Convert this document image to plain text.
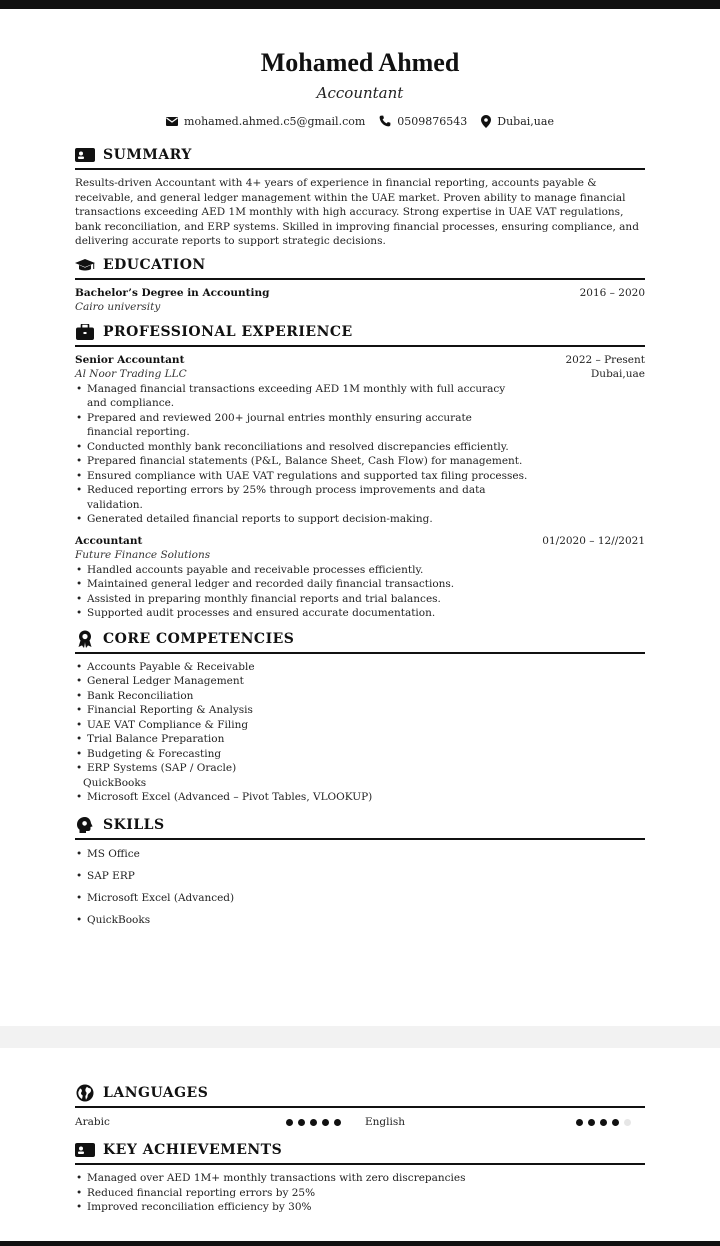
Mohamed Ahmed
Accountant
mohamed.ahmed.c5@gmail.com	0509876543	Dubai,uae
SUMMARY
Results-driven Accountant with 4+ years of experience in financial reporting, accounts payable & receivable, and general ledger management within the UAE market. Proven ability to manage financial transactions exceeding AED 1M monthly with high accuracy. Strong expertise in UAE VAT regulations, bank reconciliation, and ERP systems. Skilled in improving financial processes, ensuring compliance, and delivering accurate reports to support strategic decisions.
EDUCATION
Bachelor’s Degree in Accounting	2016 – 2020
Cairo university
PROFESSIONAL EXPERIENCE
Senior Accountant	2022 – Present
Al Noor Trading LLC	Dubai,uae
• Managed financial transactions exceeding AED 1M monthly with full accuracy and compliance.
• Prepared and reviewed 200+ journal entries monthly ensuring accurate financial reporting.
• Conducted monthly bank reconciliations and resolved discrepancies efficiently.
• Prepared financial statements (P&L, Balance Sheet, Cash Flow) for management.
• Ensured compliance with UAE VAT regulations and supported tax filing processes.
• Reduced reporting errors by 25% through process improvements and data validation.
• Generated detailed financial reports to support decision-making.
Accountant	01/2020 – 12//2021
Future Finance Solutions
• Handled accounts payable and receivable processes efficiently.
• Maintained general ledger and recorded daily financial transactions.
• Assisted in preparing monthly financial reports and trial balances.
• Supported audit processes and ensured accurate documentation.
CORE COMPETENCIES
• Accounts Payable & Receivable
• General Ledger Management
• Bank Reconciliation
• Financial Reporting & Analysis
• UAE VAT Compliance & Filing
• Trial Balance Preparation
• Budgeting & Forecasting
• ERP Systems (SAP / Oracle)
QuickBooks
• Microsoft Excel (Advanced – Pivot Tables, VLOOKUP)
SKILLS
• MS Office
• SAP ERP
• Microsoft Excel (Advanced)
• QuickBooks
LANGUAGES
Arabic	English
KEY ACHIEVEMENTS
• Managed over AED 1M+ monthly transactions with zero discrepancies
• Reduced financial reporting errors by 25%
• Improved reconciliation efficiency by 30%
